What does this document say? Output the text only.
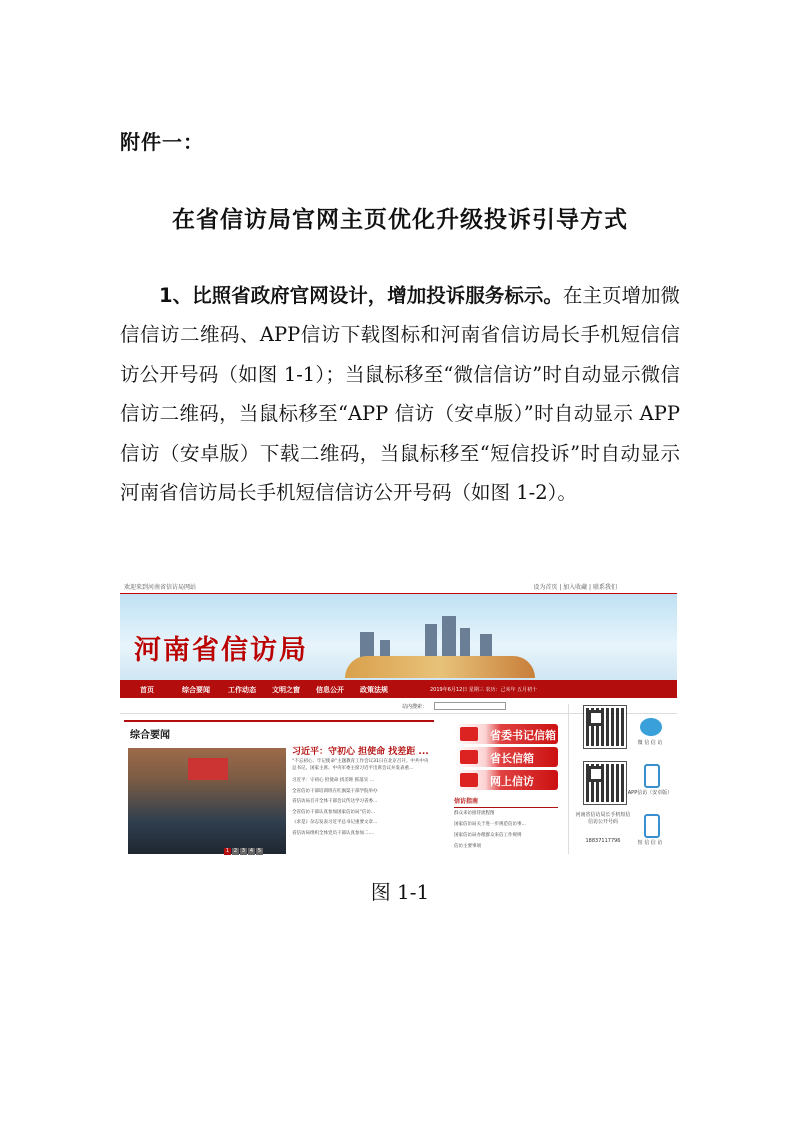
附件一：
在省信访局官网主页优化升级投诉引导方式
  1、比照省政府官网设计，增加投诉服务标示。在主页增加微信信访二维码、APP信访下载图标和河南省信访局长手机短信信访公开号码（如图 1-1）；当鼠标移至“微信信访”时自动显示微信信访二维码，当鼠标移至“APP 信访（安卓版）”时自动显示 APP 信访（安卓版）下载二维码，当鼠标移至“短信投诉”时自动显示河南省信访局长手机短信信访公开号码（如图 1-2）。
欢迎来到河南省信访局网站	设为首页 | 加入收藏 | 联系我们
河南省信访局
首页	综合要闻	工作动态 文明之窗 信息公开 政策法规	2019年6月12日 星期三 农历：己亥年 五月初十
站内搜索：
综合要闻
1 2 3 4 5
习近平：守初心 担使命 找差距 ...
“不忘初心、牢记使命”主题教育工作会议31日在北京召开。中共中央总书记、国家主席、中央军委主席习近平出席会议并发表重...
习近平：守初心 担使命 找差距 抓落实 ...
全省信访干部培训班在红旗渠干部学院举办
省信访局召开全体干部会议传达学习省委...
全省信访干部认真参加国家信访局“信访...
《求是》杂志发表习近平总书记重要文章...
省信访局组织全体党员干部认真参加二....
省委书记信箱
省长信箱
网上信访
信访指南
群众来访接待流程图
国家信访局关于进一步规范信访事...
国家信访局办理群众来信工作规则
信访主要事项
微 信 信 访
APP信访（安卓版）
河南省信访局长手机短信信访公开号码
18837117796	短 信 信 访
图 1-1
